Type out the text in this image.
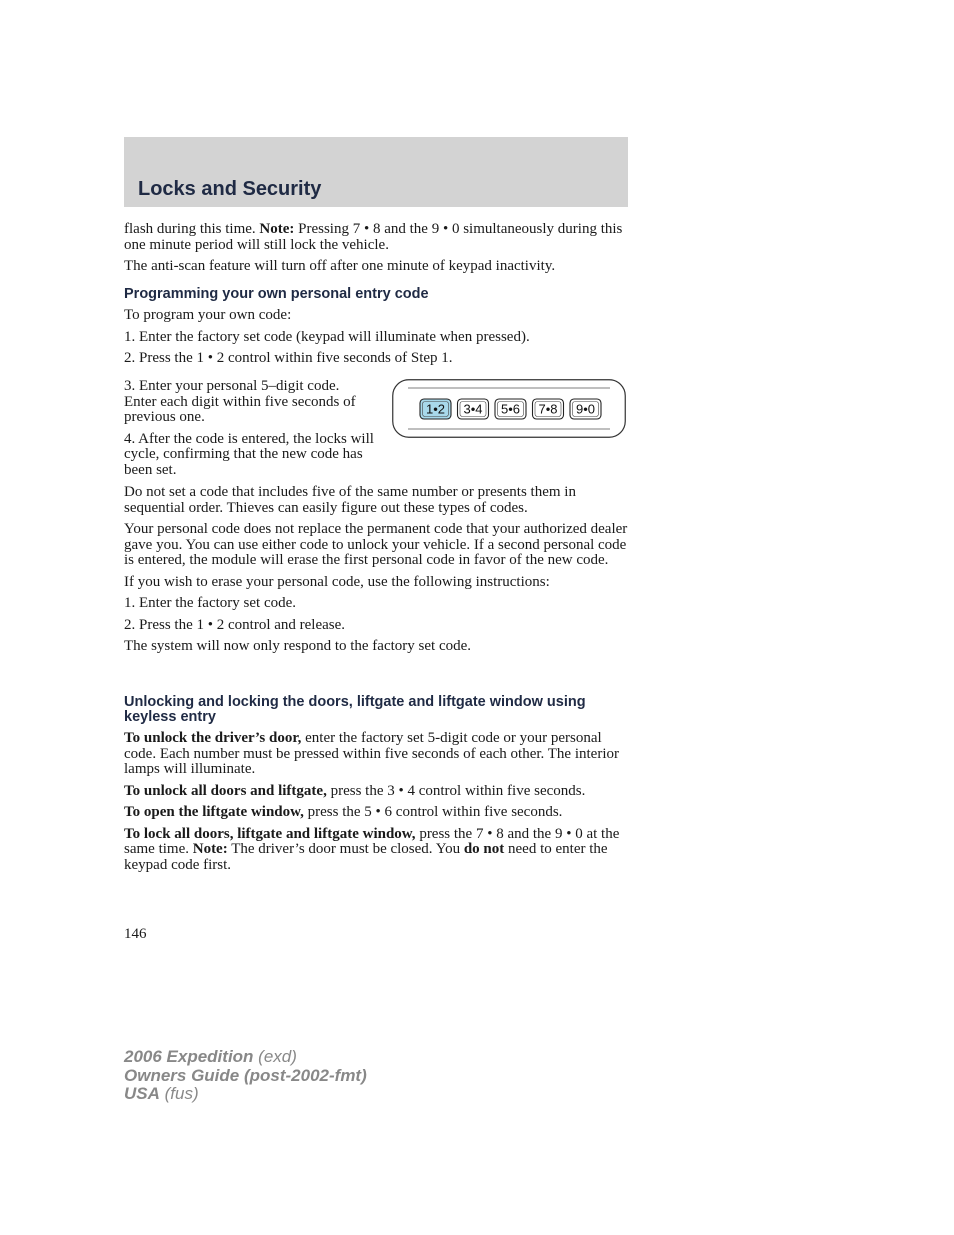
Locks and Security

flash during this time. Note: Pressing 7 • 8 and the 9 • 0 simultaneously during this one minute period will still lock the vehicle.

The anti-scan feature will turn off after one minute of keypad inactivity.

Programming your own personal entry code

To program your own code:

1. Enter the factory set code (keypad will illuminate when pressed).

2. Press the 1 • 2 control within five seconds of Step 1.

3. Enter your personal 5–digit code. Enter each digit within five seconds of previous one.

4. After the code is entered, the locks will cycle, confirming that the new code has been set.

1•2 3•4 5•6 7•8 9•0

Do not set a code that includes five of the same number or presents them in sequential order. Thieves can easily figure out these types of codes.

Your personal code does not replace the permanent code that your authorized dealer gave you. You can use either code to unlock your vehicle. If a second personal code is entered, the module will erase the first personal code in favor of the new code.

If you wish to erase your personal code, use the following instructions:

1. Enter the factory set code.

2. Press the 1 • 2 control and release.

The system will now only respond to the factory set code.

Unlocking and locking the doors, liftgate and liftgate window using keyless entry

To unlock the driver’s door, enter the factory set 5-digit code or your personal code. Each number must be pressed within five seconds of each other. The interior lamps will illuminate.

To unlock all doors and liftgate, press the 3 • 4 control within five seconds.

To open the liftgate window, press the 5 • 6 control within five seconds.

To lock all doors, liftgate and liftgate window, press the 7 • 8 and the 9 • 0 at the same time. Note: The driver’s door must be closed. You do not need to enter the keypad code first.

146
2006 Expedition (exd)
Owners Guide (post-2002-fmt)
USA (fus)
